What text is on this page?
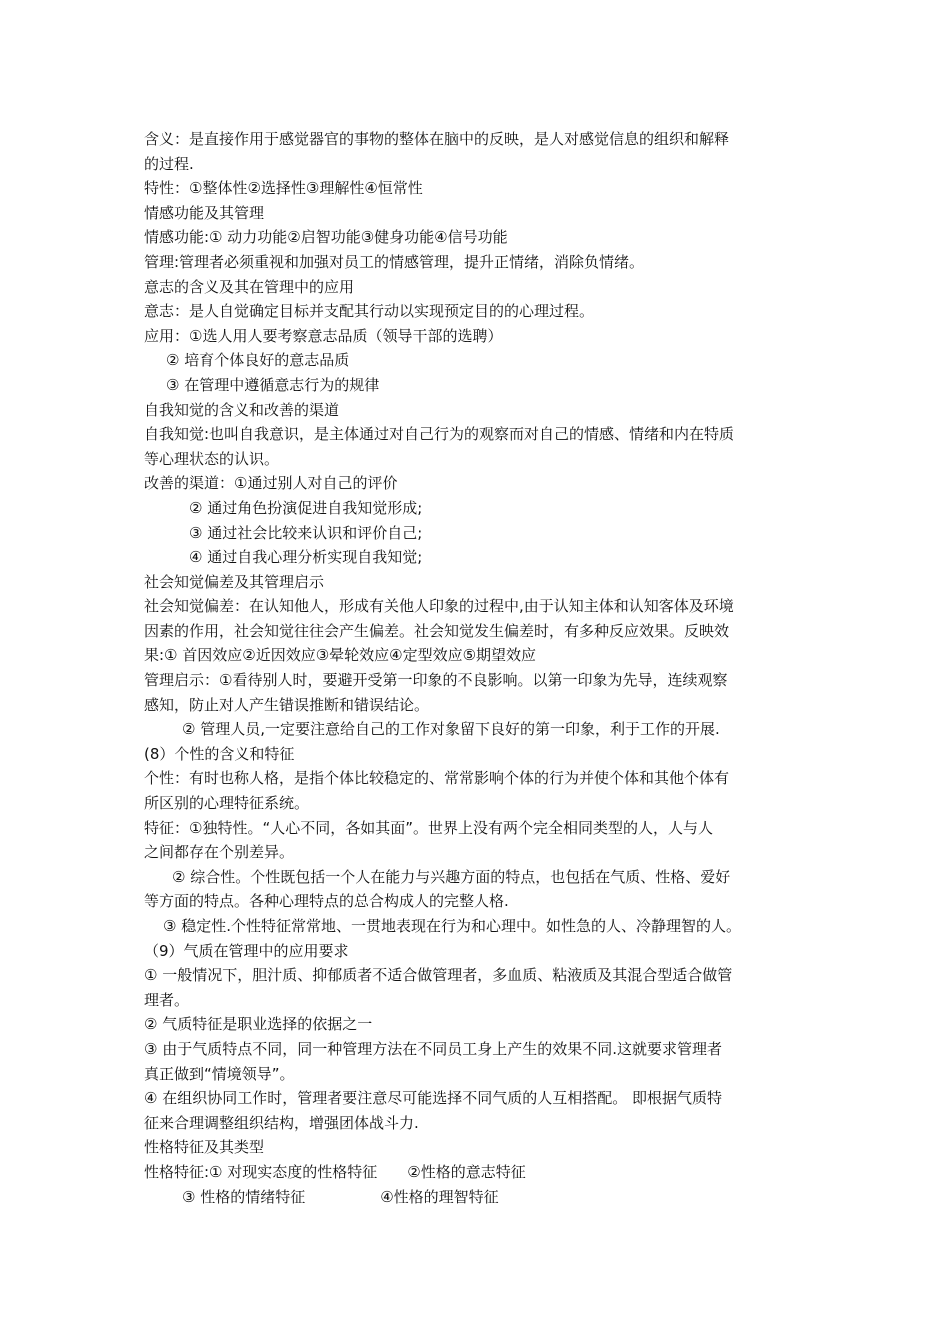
含义：是直接作用于感觉器官的事物的整体在脑中的反映，是人对感觉信息的组织和解释
的过程.
特性：①整体性②选择性③理解性④恒常性
情感功能及其管理
情感功能:① 动力功能②启智功能③健身功能④信号功能
管理:管理者必须重视和加强对员工的情感管理，提升正情绪，消除负情绪。
意志的含义及其在管理中的应用
意志：是人自觉确定目标并支配其行动以实现预定目的的心理过程。
应用：①选人用人要考察意志品质（领导干部的选聘）
② 培育个体良好的意志品质
③ 在管理中遵循意志行为的规律
自我知觉的含义和改善的渠道
自我知觉:也叫自我意识，是主体通过对自己行为的观察而对自己的情感、情绪和内在特质
等心理状态的认识。
改善的渠道：①通过别人对自己的评价
② 通过角色扮演促进自我知觉形成;
③ 通过社会比较来认识和评价自己;
④ 通过自我心理分析实现自我知觉;
社会知觉偏差及其管理启示
社会知觉偏差：在认知他人，形成有关他人印象的过程中,由于认知主体和认知客体及环境
因素的作用，社会知觉往往会产生偏差。社会知觉发生偏差时，有多种反应效果。反映效
果:① 首因效应②近因效应③晕轮效应④定型效应⑤期望效应
管理启示：①看待别人时，要避开受第一印象的不良影响。以第一印象为先导，连续观察
感知，防止对人产生错误推断和错误结论。
② 管理人员,一定要注意给自己的工作对象留下良好的第一印象，利于工作的开展.
(8）个性的含义和特征
个性：有时也称人格，是指个体比较稳定的、常常影响个体的行为并使个体和其他个体有
所区别的心理特征系统。
特征：①独特性。“人心不同，各如其面”。世界上没有两个完全相同类型的人，人与人
之间都存在个别差异。
② 综合性。个性既包括一个人在能力与兴趣方面的特点，也包括在气质、性格、爱好
等方面的特点。各种心理特点的总合构成人的完整人格.
③ 稳定性.个性特征常常地、一贯地表现在行为和心理中。如性急的人、冷静理智的人。
（9）气质在管理中的应用要求
① 一般情况下，胆汁质、抑郁质者不适合做管理者，多血质、粘液质及其混合型适合做管
理者。
② 气质特征是职业选择的依据之一
③ 由于气质特点不同，同一种管理方法在不同员工身上产生的效果不同.这就要求管理者
真正做到“情境领导”。
④ 在组织协同工作时，管理者要注意尽可能选择不同气质的人互相搭配。 即根据气质特
征来合理调整组织结构，增强团体战斗力.
性格特征及其类型
性格特征:① 对现实态度的性格特征　　②性格的意志特征
③ 性格的情绪特征　　　　　④性格的理智特征
